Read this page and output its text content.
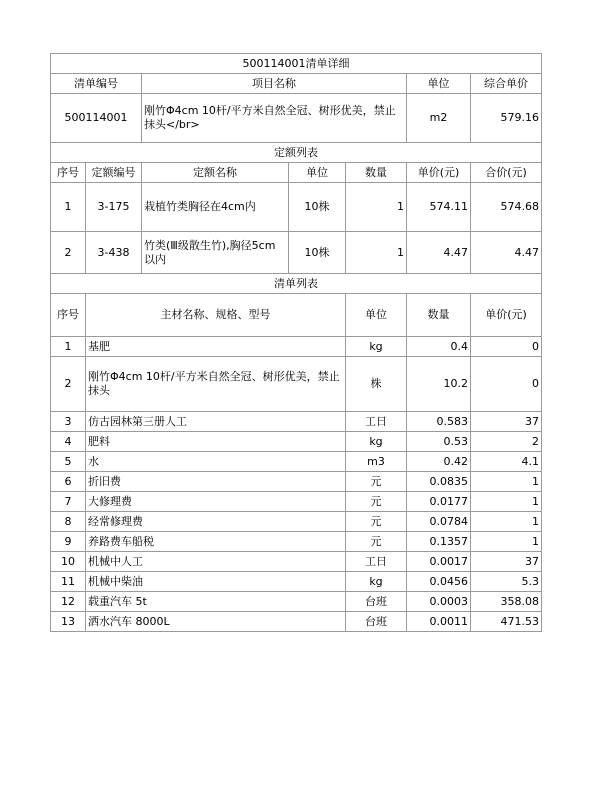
500114001清单详细							
清单编号		项目名称			单位	综合单价	
500114001		刚竹Φ4cm 10杆/平方米自然全冠、树形优美，禁止抹头</br>			m2	579.16	
定额列表							
序号	定额编号	定额名称	单位	数量	单价(元)	合价(元)	
1	3-175	栽植竹类胸径在4cm内	10株	1	574.11	574.68	
2	3-438	竹类(Ⅲ级散生竹),胸径5cm以内	10株	1	4.47	4.47	
清单列表							
序号	主材名称、规格、型号			单位	数量	单价(元)	
1	基肥			kg	0.4	0	
2	刚竹Φ4cm 10杆/平方米自然全冠、树形优美，禁止抹头			株	10.2	0	
3	仿古园林第三册人工			工日	0.583	37	
4	肥料			kg	0.53	2	
5	水			m3	0.42	4.1	
6	折旧费			元	0.0835	1	
7	大修理费			元	0.0177	1	
8	经常修理费			元	0.0784	1	
9	养路费车船税			元	0.1357	1	
10	机械中人工			工日	0.0017	37	
11	机械中柴油			kg	0.0456	5.3	
12	载重汽车 5t			台班	0.0003	358.08	
13	洒水汽车 8000L			台班	0.0011	471.53	
